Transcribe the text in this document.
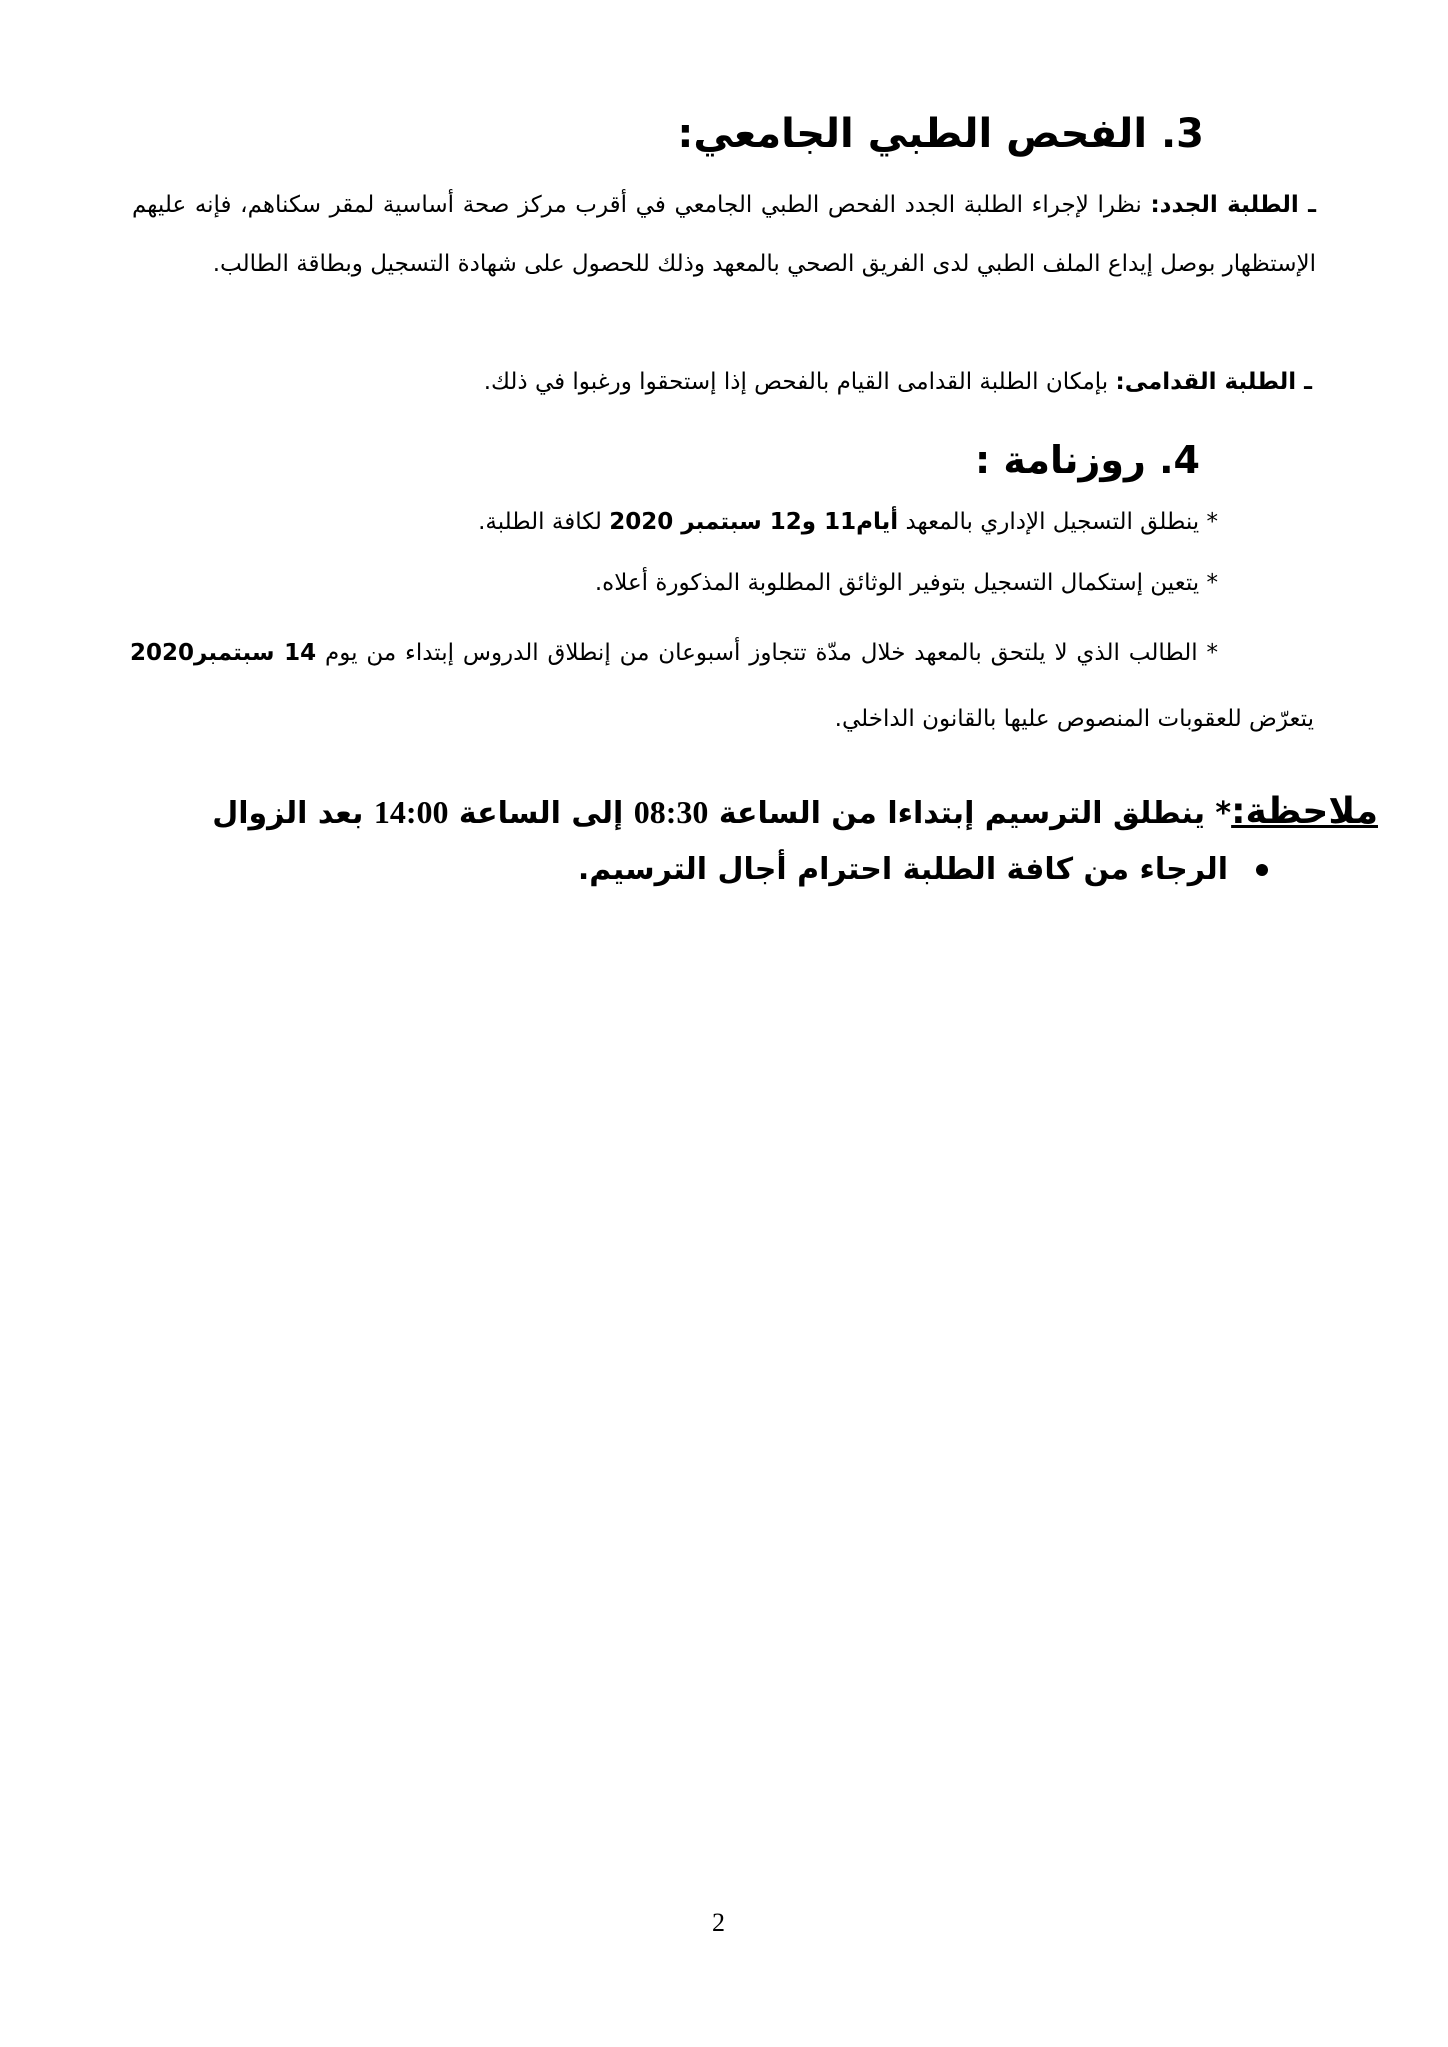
3. الفحص الطبي الجامعي:
ـ الطلبة الجدد: نظرا لإجراء الطلبة الجدد الفحص الطبي الجامعي في أقرب مركز صحة أساسية لمقر سكناهم، فإنه عليهم الإستظهار بوصل إيداع الملف الطبي لدى الفريق الصحي بالمعهد وذلك للحصول على شهادة التسجيل وبطاقة الطالب.
ـ الطلبة القدامى: بإمكان الطلبة القدامى القيام بالفحص إذا إستحقوا ورغبوا في ذلك.
4. روزنامة :
* ينطلق التسجيل الإداري بالمعهد أيام11 و12 سبتمبر 2020 لكافة الطلبة.
* يتعين إستكمال التسجيل بتوفير الوثائق المطلوبة المذكورة أعلاه.
* الطالب الذي لا يلتحق بالمعهد خلال مدّة تتجاوز أسبوعان من إنطلاق الدروس إبتداء من يوم 14 سبتمبر2020 يتعرّض للعقوبات المنصوص عليها بالقانون الداخلي.
ملاحظة:* ينطلق الترسيم إبتداءا من الساعة 08:30 إلى الساعة 14:00 بعد الزوال
الرجاء من كافة الطلبة احترام أجال الترسيم.
2
